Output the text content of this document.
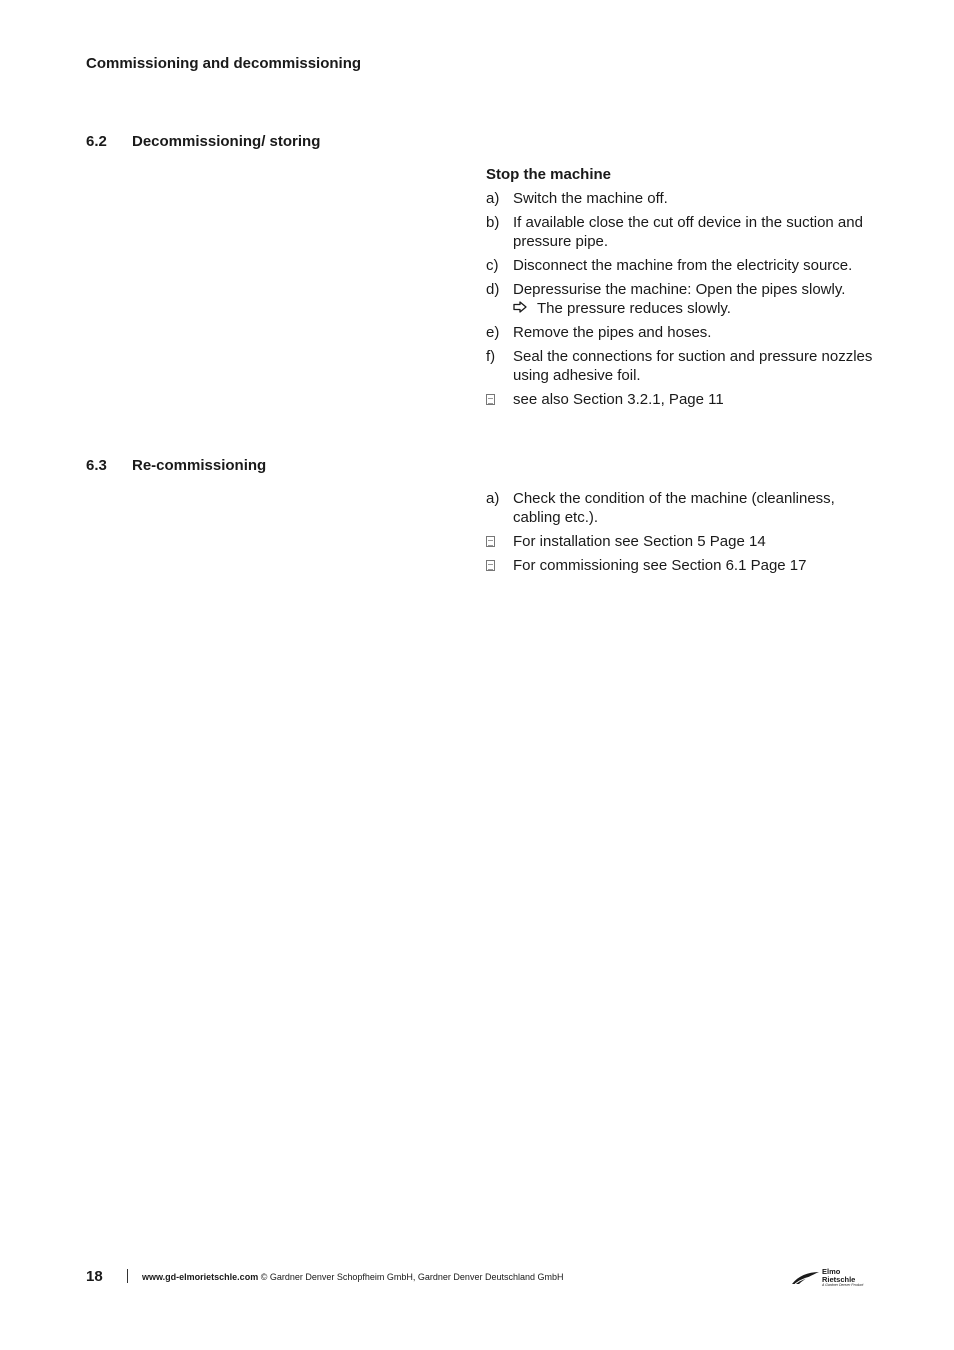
Commissioning and decommissioning
6.2 Decommissioning/ storing
Stop the machine
a) Switch the machine off.
b) If available close the cut off device in the suction and pressure pipe.
c) Disconnect the machine from the electricity source.
d) Depressurise the machine: Open the pipes slowly.
The pressure reduces slowly.
e) Remove the pipes and hoses.
f)	Seal the connections for suction and pressure nozzles using adhesive foil.
see also Section 3.2.1, Page 11
6.3 Re-commissioning
a) Check the condition of the machine (cleanliness, cabling etc.).
For installation see Section 5 Page 14
For commissioning see Section 6.1 Page 17
18	www.gd-elmorietschle.com © Gardner Denver Schopfheim GmbH, Gardner Denver Deutschland GmbH
Elmo
Rietschle
A Gardner Denver Product
